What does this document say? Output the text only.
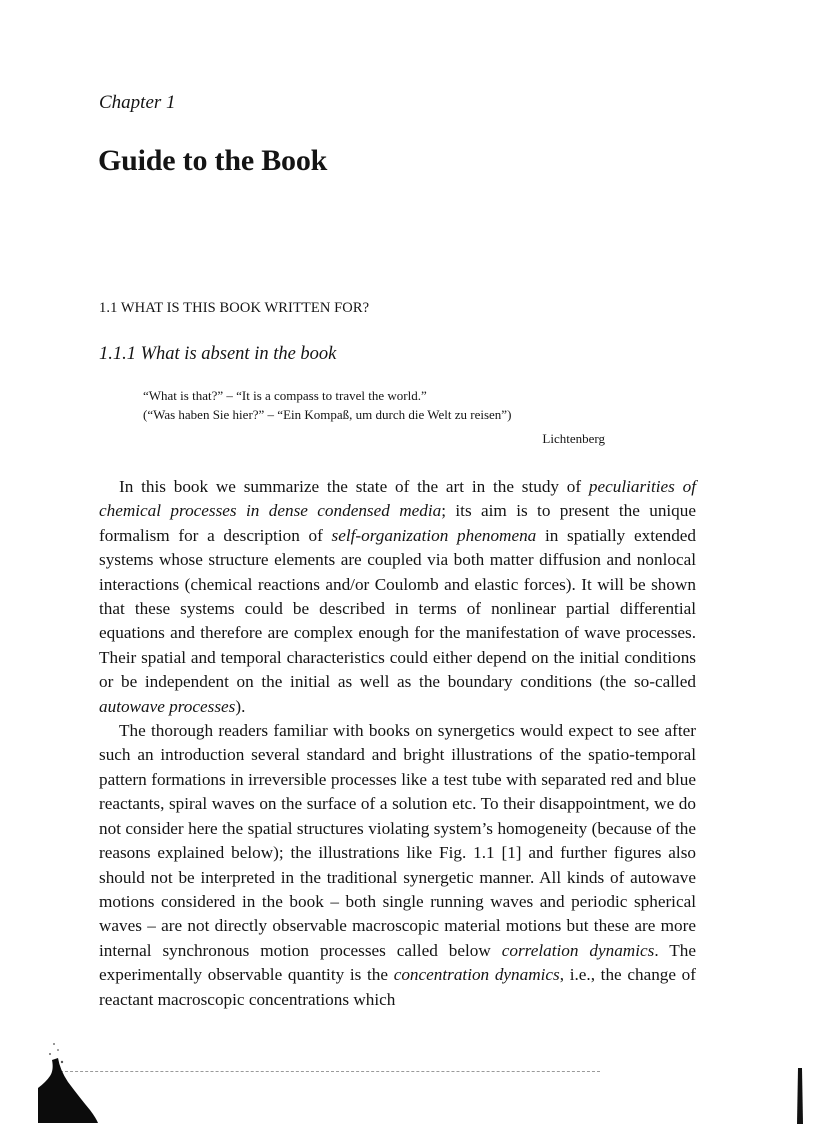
Chapter 1
Guide to the Book
1.1 WHAT IS THIS BOOK WRITTEN FOR?
1.1.1 What is absent in the book
“What is that?” – “It is a compass to travel the world.”
(“Was haben Sie hier?” – “Ein Kompaß, um durch die Welt zu reisen”)
Lichtenberg

In this book we summarize the state of the art in the study of peculiarities of chemical processes in dense condensed media; its aim is to present the unique formalism for a description of self-organization phenomena in spatially extended systems whose structure elements are coupled via both matter diffusion and nonlocal interactions (chemical reactions and/or Coulomb and elastic forces). It will be shown that these systems could be described in terms of nonlinear partial differential equations and therefore are complex enough for the manifestation of wave processes. Their spatial and temporal characteristics could either depend on the initial conditions or be independent on the initial as well as the boundary conditions (the so-called autowave processes).

The thorough readers familiar with books on synergetics would expect to see after such an introduction several standard and bright illustrations of the spatio-temporal pattern formations in irreversible processes like a test tube with separated red and blue reactants, spiral waves on the surface of a solution etc. To their disappointment, we do not consider here the spatial structures violating system’s homogeneity (because of the reasons explained below); the illustrations like Fig. 1.1 [1] and further figures also should not be interpreted in the traditional synergetic manner. All kinds of autowave motions considered in the book – both single running waves and periodic spherical waves – are not directly observable macroscopic material motions but these are more internal synchronous motion processes called below correlation dynamics. The experimentally observable quantity is the concentration dynamics, i.e., the change of reactant macroscopic concentrations which
